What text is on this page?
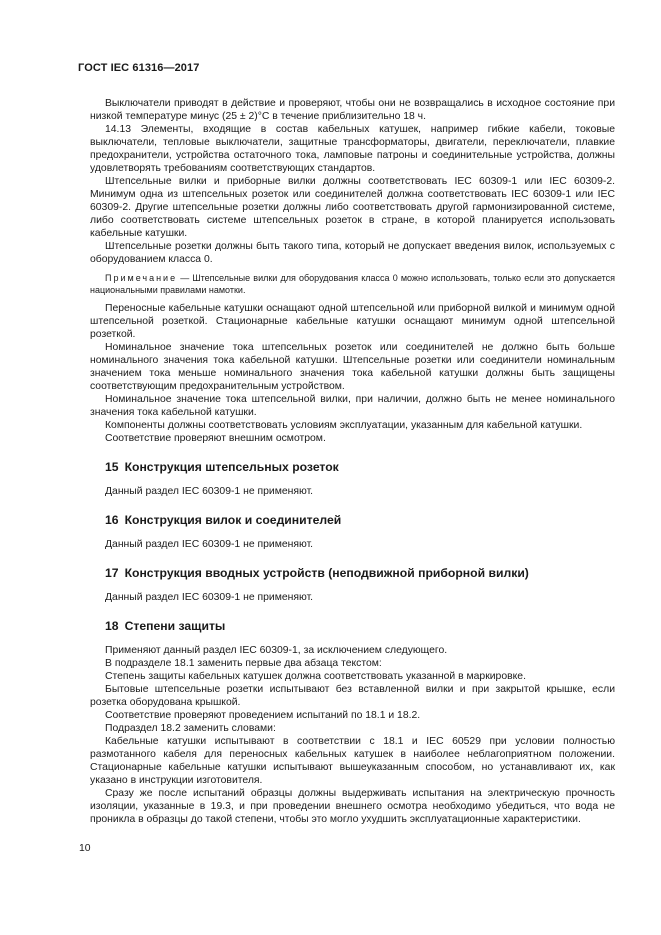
ГОСТ IEC 61316—2017

Выключатели приводят в действие и проверяют, чтобы они не возвращались в исходное состояние при низкой температуре минус (25 ± 2)°C в течение приблизительно 18 ч.

14.13 Элементы, входящие в состав кабельных катушек, например гибкие кабели, токовые выключатели, тепловые выключатели, защитные трансформаторы, двигатели, переключатели, плавкие предохранители, устройства остаточного тока, ламповые патроны и соединительные устройства, должны удовлетворять требованиям соответствующих стандартов.

Штепсельные вилки и приборные вилки должны соответствовать IEC 60309-1 или IEC 60309-2. Минимум одна из штепсельных розеток или соединителей должна соответствовать IEC 60309-1 или IEC 60309-2. Другие штепсельные розетки должны либо соответствовать другой гармонизированной системе, либо соответствовать системе штепсельных розеток в стране, в которой планируется использовать кабельные катушки.

Штепсельные розетки должны быть такого типа, который не допускает введения вилок, используемых с оборудованием класса 0.

Примечание — Штепсельные вилки для оборудования класса 0 можно использовать, только если это допускается национальными правилами намотки.

Переносные кабельные катушки оснащают одной штепсельной или приборной вилкой и минимум одной штепсельной розеткой. Стационарные кабельные катушки оснащают минимум одной штепсельной розеткой.

Номинальное значение тока штепсельных розеток или соединителей не должно быть больше номинального значения тока кабельной катушки. Штепсельные розетки или соединители номинальным значением тока меньше номинального значения тока кабельной катушки должны быть защищены соответствующим предохранительным устройством.

Номинальное значение тока штепсельной вилки, при наличии, должно быть не менее номинального значения тока кабельной катушки.

Компоненты должны соответствовать условиям эксплуатации, указанным для кабельной катушки.

Соответствие проверяют внешним осмотром.

15 Конструкция штепсельных розеток

Данный раздел IEC 60309-1 не применяют.

16 Конструкция вилок и соединителей

Данный раздел IEC 60309-1 не применяют.

17 Конструкция вводных устройств (неподвижной приборной вилки)

Данный раздел IEC 60309-1 не применяют.

18 Степени защиты

Применяют данный раздел IEC 60309-1, за исключением следующего.

В подразделе 18.1 заменить первые два абзаца текстом:

Степень защиты кабельных катушек должна соответствовать указанной в маркировке.

Бытовые штепсельные розетки испытывают без вставленной вилки и при закрытой крышке, если розетка оборудована крышкой.

Соответствие проверяют проведением испытаний по 18.1 и 18.2.

Подраздел 18.2 заменить словами:

Кабельные катушки испытывают в соответствии с 18.1 и IEC 60529 при условии полностью размотанного кабеля для переносных кабельных катушек в наиболее неблагоприятном положении. Стационарные кабельные катушки испытывают вышеуказанным способом, но устанавливают их, как указано в инструкции изготовителя.

Сразу же после испытаний образцы должны выдерживать испытания на электрическую прочность изоляции, указанные в 19.3, и при проведении внешнего осмотра необходимо убедиться, что вода не проникла в образцы до такой степени, чтобы это могло ухудшить эксплуатационные характеристики.

10
